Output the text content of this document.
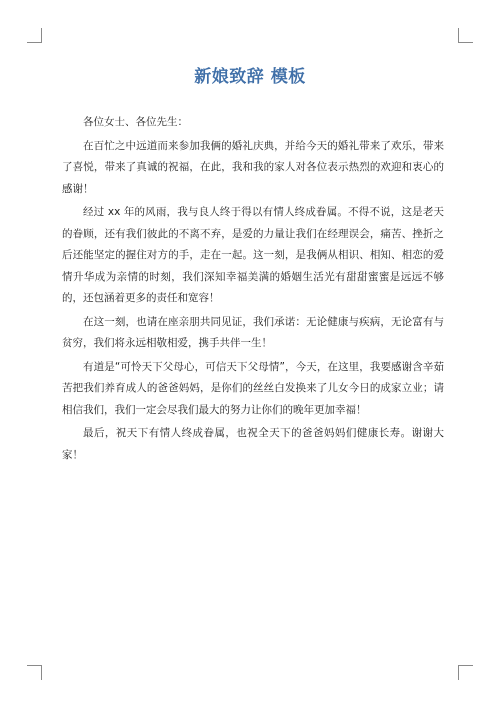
新娘致辞 模板

各位女士、各位先生：

在百忙之中远道而来参加我俩的婚礼庆典，并给今天的婚礼带来了欢乐，带来了喜悦，带来了真诚的祝福，在此，我和我的家人对各位表示热烈的欢迎和衷心的感谢！

经过 xx 年的风雨，我与良人终于得以有情人终成眷属。不得不说，这是老天的眷顾，还有我们彼此的不离不弃，是爱的力量让我们在经理误会，痛苦、挫折之后还能坚定的握住对方的手，走在一起。这一刻，是我俩从相识、相知、相恋的爱情升华成为亲情的时刻，我们深知幸福美满的婚姻生活光有甜甜蜜蜜是远远不够的，还包涵着更多的责任和宽容！

在这一刻，也请在座亲朋共同见证，我们承诺：无论健康与疾病，无论富有与贫穷，我们将永远相敬相爱，携手共伴一生！

有道是“可怜天下父母心，可信天下父母情”，今天，在这里，我要感谢含辛茹苦把我们养育成人的爸爸妈妈，是你们的丝丝白发换来了儿女今日的成家立业；请相信我们，我们一定会尽我们最大的努力让你们的晚年更加幸福！

最后，祝天下有情人终成眷属，也祝全天下的爸爸妈妈们健康长寿。谢谢大家！
